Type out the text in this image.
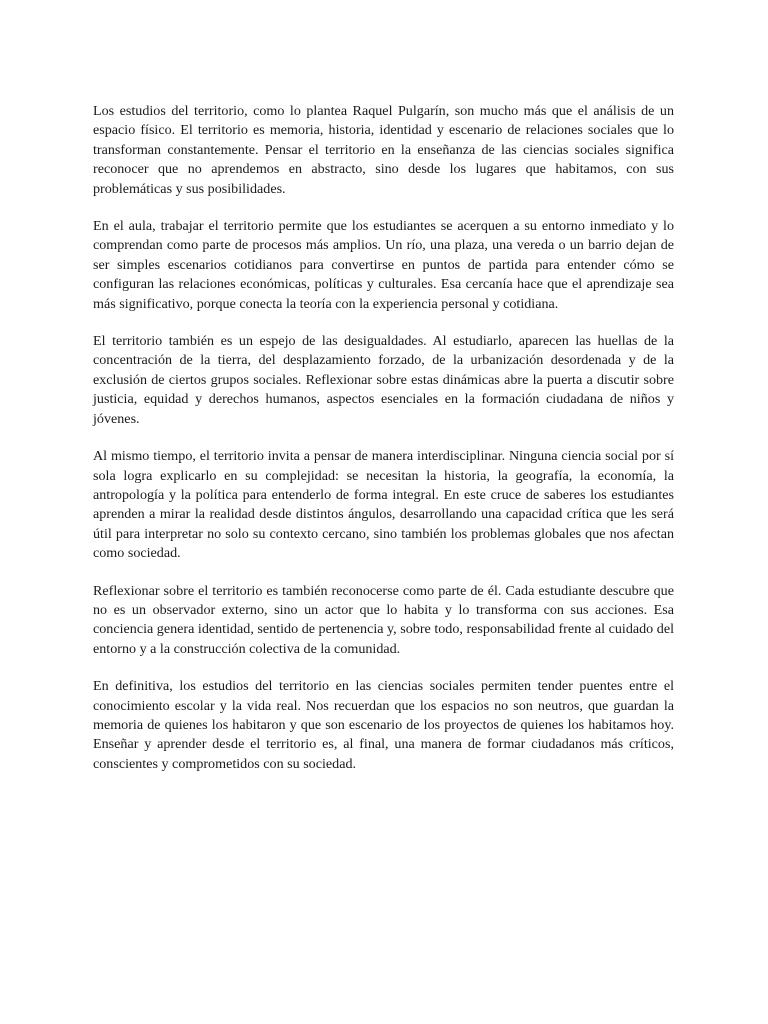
Los estudios del territorio, como lo plantea Raquel Pulgarín, son mucho más que el análisis de un espacio físico. El territorio es memoria, historia, identidad y escenario de relaciones sociales que lo transforman constantemente. Pensar el territorio en la enseñanza de las ciencias sociales significa reconocer que no aprendemos en abstracto, sino desde los lugares que habitamos, con sus problemáticas y sus posibilidades.

En el aula, trabajar el territorio permite que los estudiantes se acerquen a su entorno inmediato y lo comprendan como parte de procesos más amplios. Un río, una plaza, una vereda o un barrio dejan de ser simples escenarios cotidianos para convertirse en puntos de partida para entender cómo se configuran las relaciones económicas, políticas y culturales. Esa cercanía hace que el aprendizaje sea más significativo, porque conecta la teoría con la experiencia personal y cotidiana.

El territorio también es un espejo de las desigualdades. Al estudiarlo, aparecen las huellas de la concentración de la tierra, del desplazamiento forzado, de la urbanización desordenada y de la exclusión de ciertos grupos sociales. Reflexionar sobre estas dinámicas abre la puerta a discutir sobre justicia, equidad y derechos humanos, aspectos esenciales en la formación ciudadana de niños y jóvenes.

Al mismo tiempo, el territorio invita a pensar de manera interdisciplinar. Ninguna ciencia social por sí sola logra explicarlo en su complejidad: se necesitan la historia, la geografía, la economía, la antropología y la política para entenderlo de forma integral. En este cruce de saberes los estudiantes aprenden a mirar la realidad desde distintos ángulos, desarrollando una capacidad crítica que les será útil para interpretar no solo su contexto cercano, sino también los problemas globales que nos afectan como sociedad.

Reflexionar sobre el territorio es también reconocerse como parte de él. Cada estudiante descubre que no es un observador externo, sino un actor que lo habita y lo transforma con sus acciones. Esa conciencia genera identidad, sentido de pertenencia y, sobre todo, responsabilidad frente al cuidado del entorno y a la construcción colectiva de la comunidad.

En definitiva, los estudios del territorio en las ciencias sociales permiten tender puentes entre el conocimiento escolar y la vida real. Nos recuerdan que los espacios no son neutros, que guardan la memoria de quienes los habitaron y que son escenario de los proyectos de quienes los habitamos hoy. Enseñar y aprender desde el territorio es, al final, una manera de formar ciudadanos más críticos, conscientes y comprometidos con su sociedad.
